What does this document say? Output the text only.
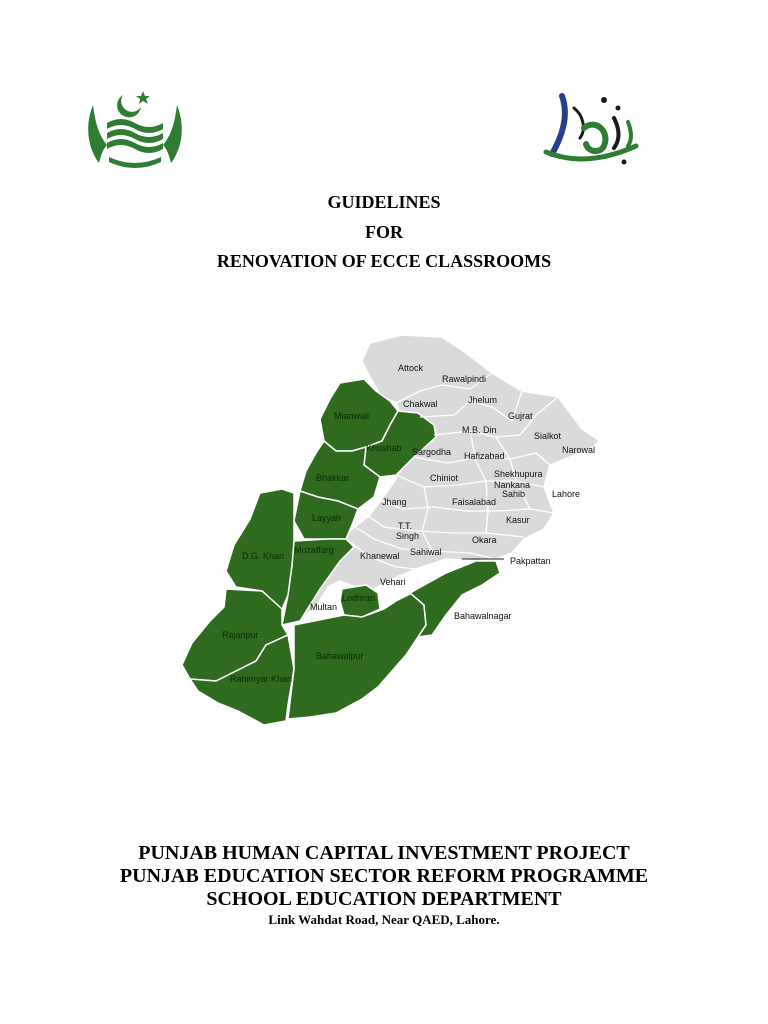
GUIDELINES
FOR
RENOVATION OF ECCE CLASSROOMS
Attock
Rawalpindi
Chakwal	Jhelum
Gujrat
Mianwali
M.B. Din
Sialkot
Narowal
Khushab Sargodha Hafizabad
Shekhupura
Bhakkar	Chiniot
Nankana
Sahib	Lahore
Jhang	Faisalabad
Layyah
T.T.
Singh
Kasur
D.G. Khan
Muzaffarg
Khanewal Sahiwal
Okara
Pakpattan
Vehari
Lodhran
Multan
Bahawalnagar
Rajanpur
Bahawalpur
Rahimyar Khan
PUNJAB HUMAN CAPITAL INVESTMENT PROJECT
PUNJAB EDUCATION SECTOR REFORM PROGRAMME
SCHOOL EDUCATION DEPARTMENT
Link Wahdat Road, Near QAED, Lahore.
